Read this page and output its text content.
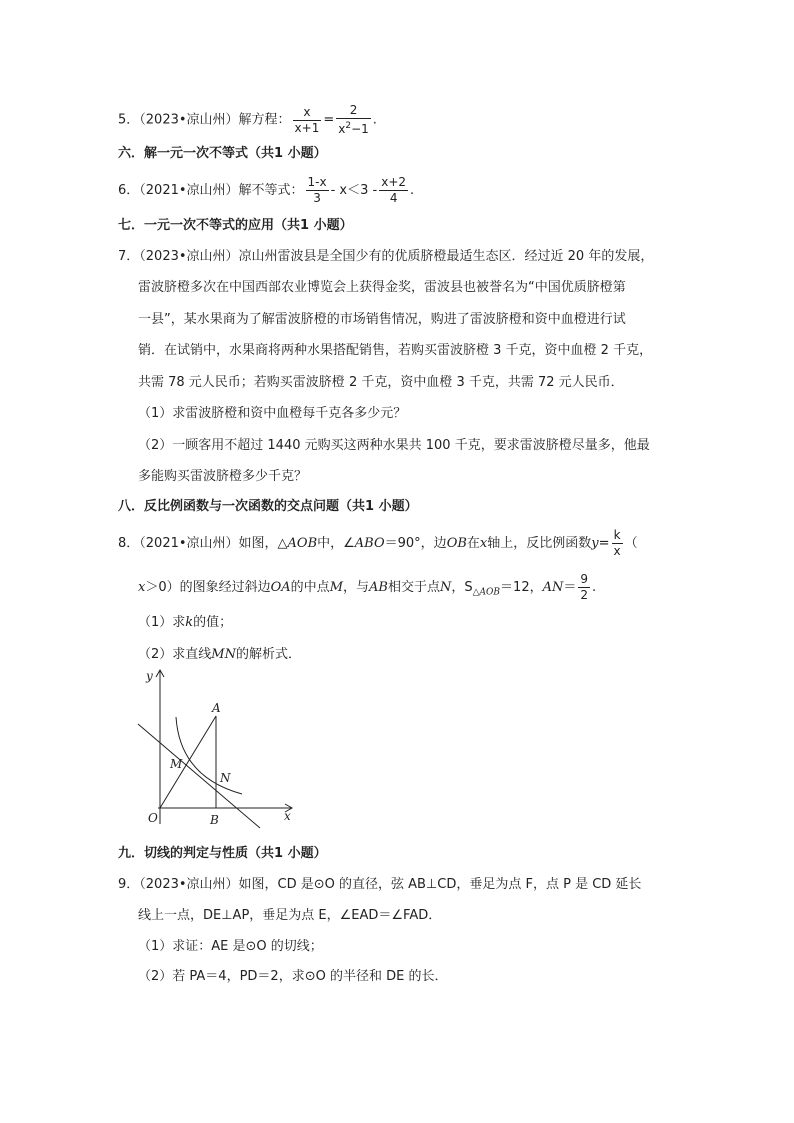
5．（2023•凉山州）解方程： $\frac{x}{x+1} = \frac{2}{x^2-1}$ .
六．解一元一次不等式（共1 小题）
6．（2021•凉山州）解不等式： $\frac{1-x}{3} - x<3 - \frac{x+2}{4}$ .
七．一元一次不等式的应用（共1 小题）
7．（2023•凉山州）凉山州雷波县是全国少有的优质脐橙最适生态区．经过近 20 年的发展，
雷波脐橙多次在中国西部农业博览会上获得金奖，雷波县也被誉名为“中国优质脐橙第
一县”，某水果商为了解雷波脐橙的市场销售情况，购进了雷波脐橙和资中血橙进行试
销．在试销中，水果商将两种水果搭配销售，若购买雷波脐橙 3 千克，资中血橙 2 千克，
共需 78 元人民币；若购买雷波脐橙 2 千克，资中血橙 3 千克，共需 72 元人民币．
（1）求雷波脐橙和资中血橙每千克各多少元？
（2）一顾客用不超过 1440 元购买这两种水果共 100 千克，要求雷波脐橙尽量多，他最
多能购买雷波脐橙多少千克？
八．反比例函数与一次函数的交点问题（共1 小题）
8．（2021•凉山州）如图，△AOB中，∠ABO＝90°，边OB在x轴上，反比例函数$y= \frac{k}{x}$ （
x＞0）的图象经过斜边OA的中点M，与AB相交于点N，$S_{\triangle AOB}=12$，$AN= \frac{9}{2}$ .
（1）求k的值；
（2）求直线MN的解析式．
y
x
O
A
B
M
N
九．切线的判定与性质（共1 小题）
9．（2023•凉山州）如图，CD 是⊙O 的直径，弦 AB⊥CD，垂足为点 F，点 P 是 CD 延长
线上一点，DE⊥AP，垂足为点 E，∠EAD＝∠FAD．
（1）求证：AE 是⊙O 的切线；
（2）若 PA＝4，PD＝2，求⊙O 的半径和 DE 的长．
